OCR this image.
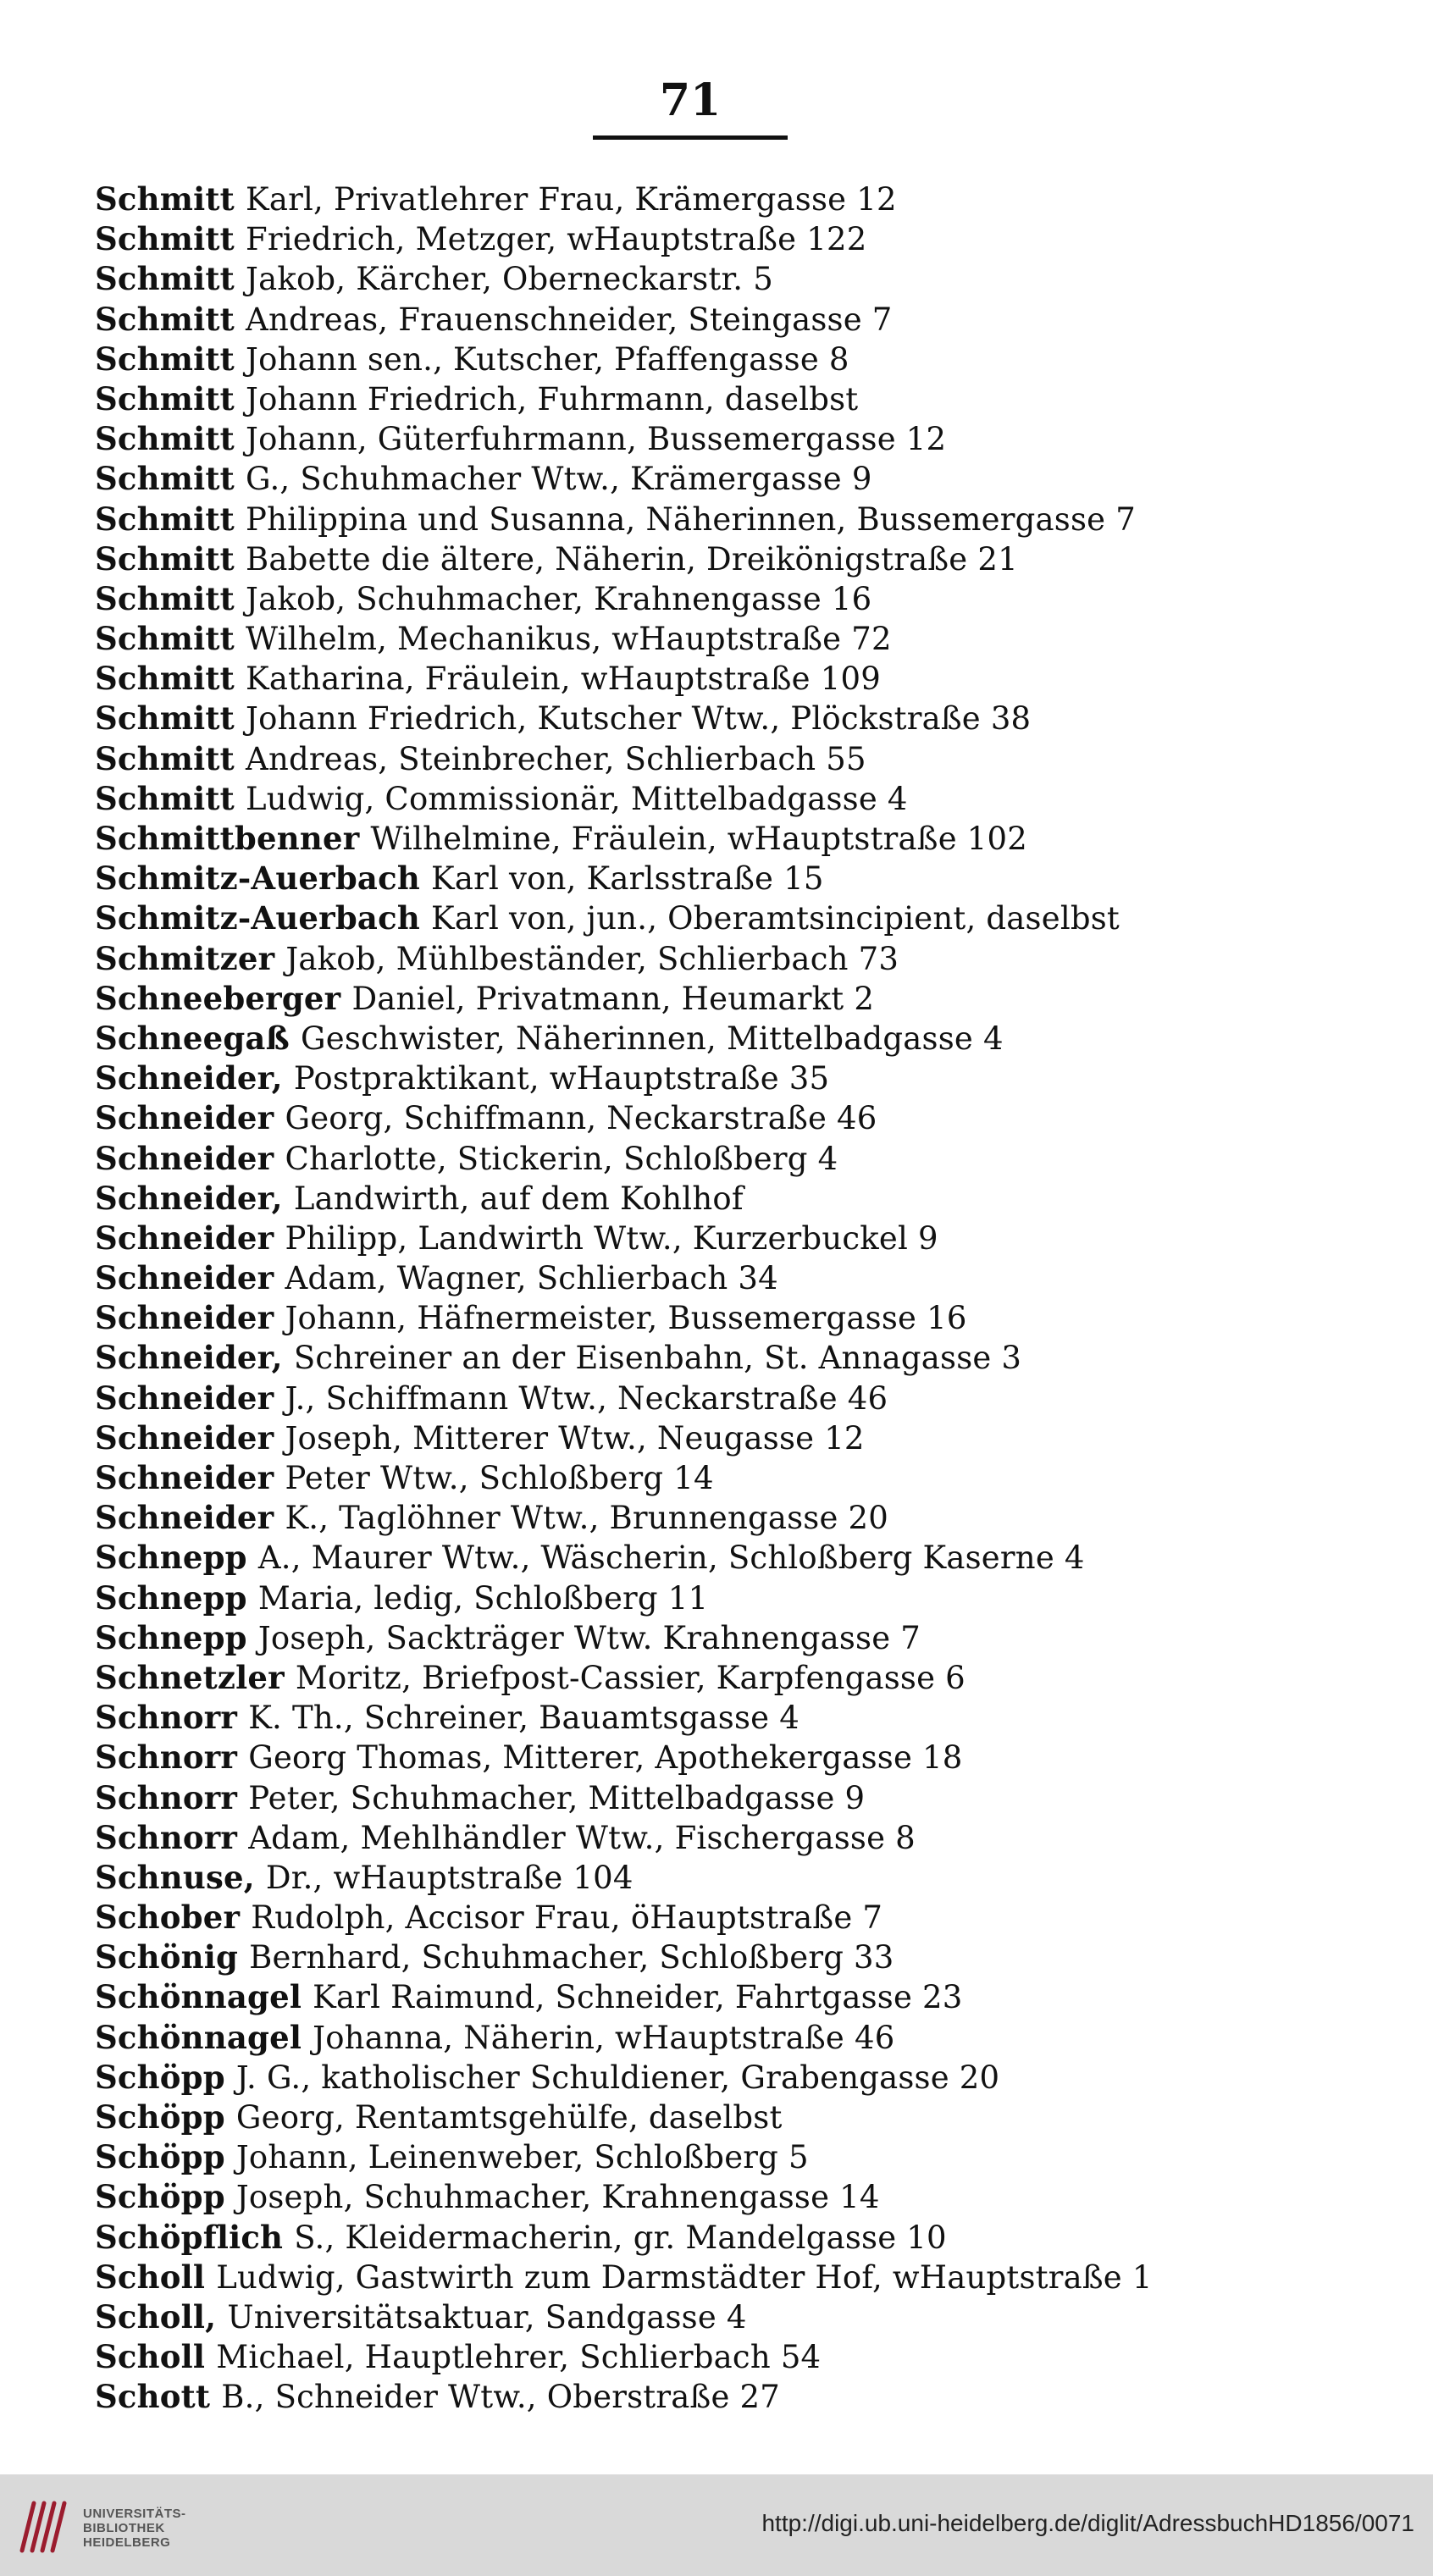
71
Schmitt Karl, Privatlehrer Frau, Krämergasse 12
Schmitt Friedrich, Metzger, wHauptstraße 122
Schmitt Jakob, Kärcher, Oberneckarstr. 5
Schmitt Andreas, Frauenschneider, Steingasse 7
Schmitt Johann sen., Kutscher, Pfaffengasse 8
Schmitt Johann Friedrich, Fuhrmann, daselbst
Schmitt Johann, Güterfuhrmann, Bussemergasse 12
Schmitt G., Schuhmacher Wtw., Krämergasse 9
Schmitt Philippina und Susanna, Näherinnen, Bussemergasse 7
Schmitt Babette die ältere, Näherin, Dreikönigstraße 21
Schmitt Jakob, Schuhmacher, Krahnengasse 16
Schmitt Wilhelm, Mechanikus, wHauptstraße 72
Schmitt Katharina, Fräulein, wHauptstraße 109
Schmitt Johann Friedrich, Kutscher Wtw., Plöckstraße 38
Schmitt Andreas, Steinbrecher, Schlierbach 55
Schmitt Ludwig, Commissionär, Mittelbadgasse 4
Schmittbenner Wilhelmine, Fräulein, wHauptstraße 102
Schmitz-Auerbach Karl von, Karlsstraße 15
Schmitz-Auerbach Karl von, jun., Oberamtsincipient, daselbst
Schmitzer Jakob, Mühlbeständer, Schlierbach 73
Schneeberger Daniel, Privatmann, Heumarkt 2
Schneegaß Geschwister, Näherinnen, Mittelbadgasse 4
Schneider, Postpraktikant, wHauptstraße 35
Schneider Georg, Schiffmann, Neckarstraße 46
Schneider Charlotte, Stickerin, Schloßberg 4
Schneider, Landwirth, auf dem Kohlhof
Schneider Philipp, Landwirth Wtw., Kurzerbuckel 9
Schneider Adam, Wagner, Schlierbach 34
Schneider Johann, Häfnermeister, Bussemergasse 16
Schneider, Schreiner an der Eisenbahn, St. Annagasse 3
Schneider J., Schiffmann Wtw., Neckarstraße 46
Schneider Joseph, Mitterer Wtw., Neugasse 12
Schneider Peter Wtw., Schloßberg 14
Schneider K., Taglöhner Wtw., Brunnengasse 20
Schnepp A., Maurer Wtw., Wäscherin, Schloßberg Kaserne 4
Schnepp Maria, ledig, Schloßberg 11
Schnepp Joseph, Sackträger Wtw. Krahnengasse 7
Schnetzler Moritz, Briefpost-Cassier, Karpfengasse 6
Schnorr K. Th., Schreiner, Bauamtsgasse 4
Schnorr Georg Thomas, Mitterer, Apothekergasse 18
Schnorr Peter, Schuhmacher, Mittelbadgasse 9
Schnorr Adam, Mehlhändler Wtw., Fischergasse 8
Schnuse, Dr., wHauptstraße 104
Schober Rudolph, Accisor Frau, öHauptstraße 7
Schönig Bernhard, Schuhmacher, Schloßberg 33
Schönnagel Karl Raimund, Schneider, Fahrtgasse 23
Schönnagel Johanna, Näherin, wHauptstraße 46
Schöpp J. G., katholischer Schuldiener, Grabengasse 20
Schöpp Georg, Rentamtsgehülfe, daselbst
Schöpp Johann, Leinenweber, Schloßberg 5
Schöpp Joseph, Schuhmacher, Krahnengasse 14
Schöpflich S., Kleidermacherin, gr. Mandelgasse 10
Scholl Ludwig, Gastwirth zum Darmstädter Hof, wHauptstraße 1
Scholl, Universitätsaktuar, Sandgasse 4
Scholl Michael, Hauptlehrer, Schlierbach 54
Schott B., Schneider Wtw., Oberstraße 27
UNIVERSITÄTS-
BIBLIOTHEK
HEIDELBERG
http://digi.ub.uni-heidelberg.de/diglit/AdressbuchHD1856/0071
